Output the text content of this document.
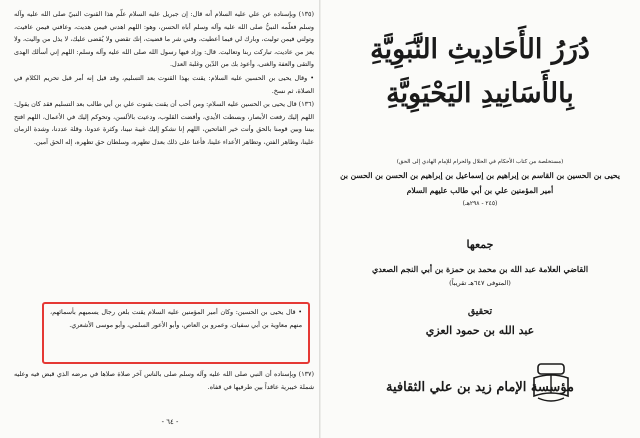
(١٣٥) وبإسناده عن علي عليه السلام أنه قال: إن جبريل عليه السلام علّم هذا القنوت النبيّ صلى الله عليه وآله وسلم فعلّمه النبيُّ صلى الله عليه وآله وسلم أباه الحسن، وهو: اللهم اهدني فيمن هديت، وعافني فيمن عافيت، وتولني فيمن توليت، وبارك لي فيما أعطيت، وقني شر ما قضيت، إنك تقضي ولا يُقضى عليك، لا يذل من واليت، ولا يعز من عاديت، تباركت ربنا وتعاليت. قال: وزاد فيها رسول الله صلى الله عليه وآله وسلم: اللهم إني أسألك الهدى والتقى والعفة والغنى، وأعوذ بك من الدّين وغلبة العدل.

• وقال يحيى بن الحسين عليه السلام: يقنت بهذا القنوت بعد التسليم، وقد قيل إنه أمر قبل تحريم الكلام في الصلاة، ثم نسخ.

(١٣٦) قال يحيى بن الحسين عليه السلام: ومن أحب أن يقنت بقنوت علي بن أبي طالب بعد التسليم فقد كان يقول: اللهم إليك رفعت الأبصار، وبسطت الأيدي، وأفضت القلوب، ودعيت بالألسن، وتحوكم إليك في الأعمال، اللهم افتح بيننا وبين قومنا بالحق وأنت خير الفاتحين، اللهم إنا نشكو إليك غيبة نبينا، وكثرة عدونا، وقلة عددنا، وشدة الزمان علينا، وظاهر الفتن، وتظاهر الأعداء علينا، فأعنا على ذلك بعدل تظهره، وسلطان حق تظهره، إله الحق آمين.

• قال يحيى بن الحسين: وكان أمير المؤمنين عليه السلام يقنت بلعن رجال يسميهم بأسمائهم، منهم معاوية بن أبي سفيان، وعمرو بن العاص، وأبو الأعور السلمي، وأبو موسى الأشعري.
(١٣٧) وبإسناده أن النبي صلى الله عليه وآله وسلم صلى بالناس آخر صلاة صلاها في مرضه الذي قبض فيه وعليه شملة خيبرية عاقداً بين طرفيها في قفاه.
- ٦٤ -
دُرَرُ الأَحَادِيثِ النَّبَوِيَّةِ
بِالأَسَانِيدِ اليَحْيَوِيَّةِ
(مستخلصة من كتاب الأحكام في الحلال والحرام للإمام الهادي إلى الحق)
يحيى بن الحسين بن القاسم بن إبراهيم بن إسماعيل بن إبراهيم بن الحسن بن الحسن بن
أمير المؤمنين علي بن أبي طالب عليهم السلام
(٢٤٥ - ٢٩٨هـ)
جمعها
القاضي العلامة عبد الله بن محمد بن حمزة بن أبي النجم الصعدي
(المتوفى ٦٤٧هـ تقريباً)
تحقيق
عبد الله بن حمود العزي
مؤسسة الإمام زيد بن علي الثقافية
